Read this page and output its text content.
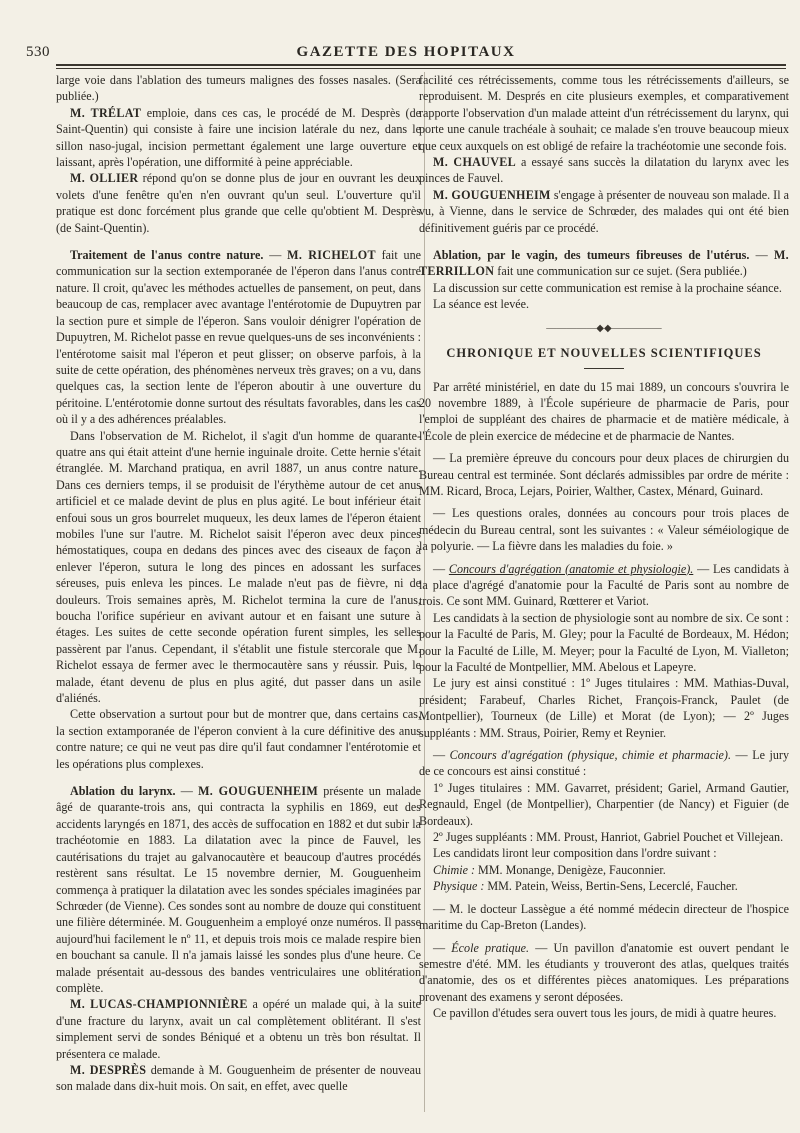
530	GAZETTE DES HOPITAUX

large voie dans l'ablation des tumeurs malignes des fosses nasales. (Sera publiée.)

M. TRÉLAT emploie, dans ces cas, le procédé de M. Desprès (de Saint-Quentin) qui consiste à faire une incision latérale du nez, dans le sillon naso-jugal, incision permettant également une large ouverture et laissant, après l'opération, une difformité à peine appréciable.

M. OLLIER répond qu'on se donne plus de jour en ouvrant les deux volets d'une fenêtre qu'en n'en ouvrant qu'un seul. L'ouverture qu'il pratique est donc forcément plus grande que celle qu'obtient M. Desprès (de Saint-Quentin).

Traitement de l'anus contre nature. — M. RICHELOT fait une communication sur la section extemporanée de l'éperon dans l'anus contre nature. Il croit, qu'avec les méthodes actuelles de pansement, on peut, dans beaucoup de cas, remplacer avec avantage l'entérotomie de Dupuytren par la section pure et simple de l'éperon. Sans vouloir dénigrer l'opération de Dupuytren, M. Richelot passe en revue quelques-uns de ses inconvénients : l'entérotome saisit mal l'éperon et peut glisser; on observe parfois, à la suite de cette opération, des phénomènes nerveux très graves; on a vu, dans quelques cas, la section lente de l'éperon aboutir à une ouverture du péritoine. L'entérotomie donne surtout des résultats favorables, dans les cas où il y a des adhérences préalables.

Dans l'observation de M. Richelot, il s'agit d'un homme de quarante-quatre ans qui était atteint d'une hernie inguinale droite. Cette hernie s'était étranglée. M. Marchand pratiqua, en avril 1887, un anus contre nature. Dans ces derniers temps, il se produisit de l'érythème autour de cet anus artificiel et ce malade devint de plus en plus agité. Le bout inférieur était enfoui sous un gros bourrelet muqueux, les deux lames de l'éperon étaient mobiles l'une sur l'autre. M. Richelot saisit l'éperon avec deux pinces hémostatiques, coupa en dedans des pinces avec des ciseaux de façon à enlever l'éperon, sutura le long des pinces en adossant les surfaces séreuses, puis enleva les pinces. Le malade n'eut pas de fièvre, ni de douleurs. Trois semaines après, M. Richelot termina la cure de l'anus, boucha l'orifice supérieur en avivant autour et en faisant une suture à étages. Les suites de cette seconde opération furent simples, les selles passèrent par l'anus. Cependant, il s'établit une fistule stercorale que M. Richelot essaya de fermer avec le thermocautère sans y réussir. Puis, le malade, étant devenu de plus en plus agité, dut passer dans un asile d'aliénés.

Cette observation a surtout pour but de montrer que, dans certains cas, la section extamporanée de l'éperon convient à la cure définitive des anus contre nature; ce qui ne veut pas dire qu'il faut condamner l'entérotomie et les opérations plus complexes.

Ablation du larynx. — M. GOUGUENHEIM présente un malade âgé de quarante-trois ans, qui contracta la syphilis en 1869, eut des accidents laryngés en 1871, des accès de suffocation en 1882 et dut subir la trachéotomie en 1883. La dilatation avec la pince de Fauvel, les cautérisations du trajet au galvanocautère et beaucoup d'autres procédés restèrent sans résultat. Le 15 novembre dernier, M. Gouguenheim commença à pratiquer la dilatation avec les sondes spéciales imaginées par Schrœder (de Vienne). Ces sondes sont au nombre de douze qui constituent une filière déterminée. M. Gouguenheim a employé onze numéros. Il passe aujourd'hui facilement le nº 11, et depuis trois mois ce malade respire bien en bouchant sa canule. Il n'a jamais laissé les sondes plus d'une heure. Ce malade présentait au-dessous des bandes ventriculaires une oblitération complète.

M. LUCAS-CHAMPIONNIÈRE a opéré un malade qui, à la suite d'une fracture du larynx, avait un cal complètement oblitérant. Il s'est simplement servi de sondes Béniqué et a obtenu un très bon résultat. Il présentera ce malade.

M. DESPRÈS demande à M. Gouguenheim de présenter de nouveau son malade dans dix-huit mois. On sait, en effet, avec quelle

facilité ces rétrécissements, comme tous les rétrécissements d'ailleurs, se reproduisent. M. Després en cite plusieurs exemples, et comparativement rapporte l'observation d'un malade atteint d'un rétrécissement du larynx, qui porte une canule trachéale à souhait; ce malade s'en trouve beaucoup mieux que ceux auxquels on est obligé de refaire la trachéotomie une seconde fois.

M. CHAUVEL a essayé sans succès la dilatation du larynx avec les pinces de Fauvel.

M. GOUGUENHEIM s'engage à présenter de nouveau son malade. Il a vu, à Vienne, dans le service de Schrœder, des malades qui ont été bien définitivement guéris par ce procédé.

Ablation, par le vagin, des tumeurs fibreuses de l'utérus. — M. TERRILLON fait une communication sur ce sujet. (Sera publiée.)

La discussion sur cette communication est remise à la prochaine séance.

La séance est levée.

—————◆◆—————
CHRONIQUE ET NOUVELLES SCIENTIFIQUES

Par arrêté ministériel, en date du 15 mai 1889, un concours s'ouvrira le 20 novembre 1889, à l'École supérieure de pharmacie de Paris, pour l'emploi de suppléant des chaires de pharmacie et de matière médicale, à l'École de plein exercice de médecine et de pharmacie de Nantes.

— La première épreuve du concours pour deux places de chirurgien du Bureau central est terminée. Sont déclarés admissibles par ordre de mérite : MM. Ricard, Broca, Lejars, Poirier, Walther, Castex, Ménard, Guinard.

— Les questions orales, données au concours pour trois places de médecin du Bureau central, sont les suivantes : « Valeur séméiologique de la polyurie. — La fièvre dans les maladies du foie. »

— Concours d'agrégation (anatomie et physiologie). — Les candidats à la place d'agrégé d'anatomie pour la Faculté de Paris sont au nombre de trois. Ce sont MM. Guinard, Rœtterer et Variot.

Les candidats à la section de physiologie sont au nombre de six. Ce sont : pour la Faculté de Paris, M. Gley; pour la Faculté de Bordeaux, M. Hédon; pour la Faculté de Lille, M. Meyer; pour la Faculté de Lyon, M. Vialleton; pour la Faculté de Montpellier, MM. Abelous et Lapeyre.

Le jury est ainsi constitué : 1º Juges titulaires : MM. Mathias-Duval, président; Farabeuf, Charles Richet, François-Franck, Paulet (de Montpellier), Tourneux (de Lille) et Morat (de Lyon); — 2º Juges suppléants : MM. Straus, Poirier, Remy et Reynier.

— Concours d'agrégation (physique, chimie et pharmacie). — Le jury de ce concours est ainsi constitué :

1º Juges titulaires : MM. Gavarret, président; Gariel, Armand Gautier, Regnauld, Engel (de Montpellier), Charpentier (de Nancy) et Figuier (de Bordeaux).

2º Juges suppléants : MM. Proust, Hanriot, Gabriel Pouchet et Villejean.

Les candidats liront leur composition dans l'ordre suivant :

Chimie : MM. Monange, Denigèze, Fauconnier.

Physique : MM. Patein, Weiss, Bertin-Sens, Lecerclé, Faucher.

— M. le docteur Lassègue a été nommé médecin directeur de l'hospice maritime du Cap-Breton (Landes).

— École pratique. — Un pavillon d'anatomie est ouvert pendant le semestre d'été. MM. les étudiants y trouveront des atlas, quelques traités d'anatomie, des os et différentes pièces anatomiques. Les préparations provenant des examens y seront déposées.

Ce pavillon d'études sera ouvert tous les jours, de midi à quatre heures.
